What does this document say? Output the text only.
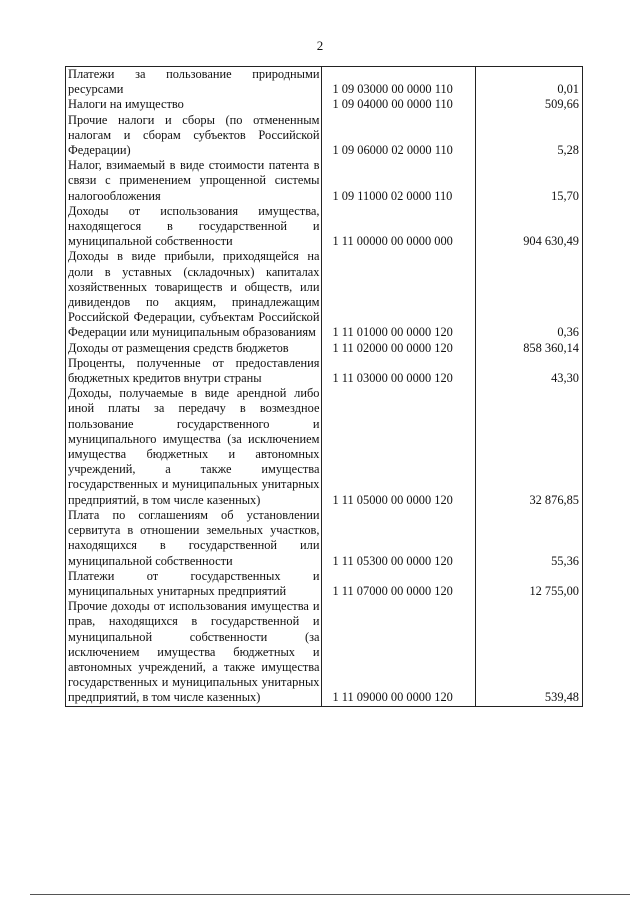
2
Платежи за пользование природными ресурсами	1 09 03000 00 0000 110	0,01
Налоги на имущество	1 09 04000 00 0000 110	509,66
Прочие налоги и сборы (по отмененным налогам и сборам субъектов Российской Федерации)	1 09 06000 02 0000 110	5,28
Налог, взимаемый в виде стоимости патента в связи с применением упрощенной системы налогообложения	1 09 11000 02 0000 110	15,70
Доходы от использования имущества, находящегося в государственной и муниципальной собственности	1 11 00000 00 0000 000	904 630,49
Доходы в виде прибыли, приходящейся на доли в уставных (складочных) капиталах хозяйственных товариществ и обществ, или дивидендов по акциям, принадлежащим Российской Федерации, субъектам Российской Федерации или муниципальным образованиям	1 11 01000 00 0000 120	0,36
Доходы от размещения средств бюджетов	1 11 02000 00 0000 120	858 360,14
Проценты, полученные от предоставления бюджетных кредитов внутри страны	1 11 03000 00 0000 120	43,30
Доходы, получаемые в виде арендной либо иной платы за передачу в возмездное пользование государственного и муниципального имущества (за исключением имущества бюджетных и автономных учреждений, а также имущества государственных и муниципальных унитарных предприятий, в том числе казенных)	1 11 05000 00 0000 120	32 876,85
Плата по соглашениям об установлении сервитута в отношении земельных участков, находящихся в государственной или муниципальной собственности	1 11 05300 00 0000 120	55,36
Платежи от государственных и муниципальных унитарных предприятий	1 11 07000 00 0000 120	12 755,00
Прочие доходы от использования имущества и прав, находящихся в государственной и муниципальной собственности (за исключением имущества бюджетных и автономных учреждений, а также имущества государственных и муниципальных унитарных предприятий, в том числе казенных)	1 11 09000 00 0000 120	539,48
